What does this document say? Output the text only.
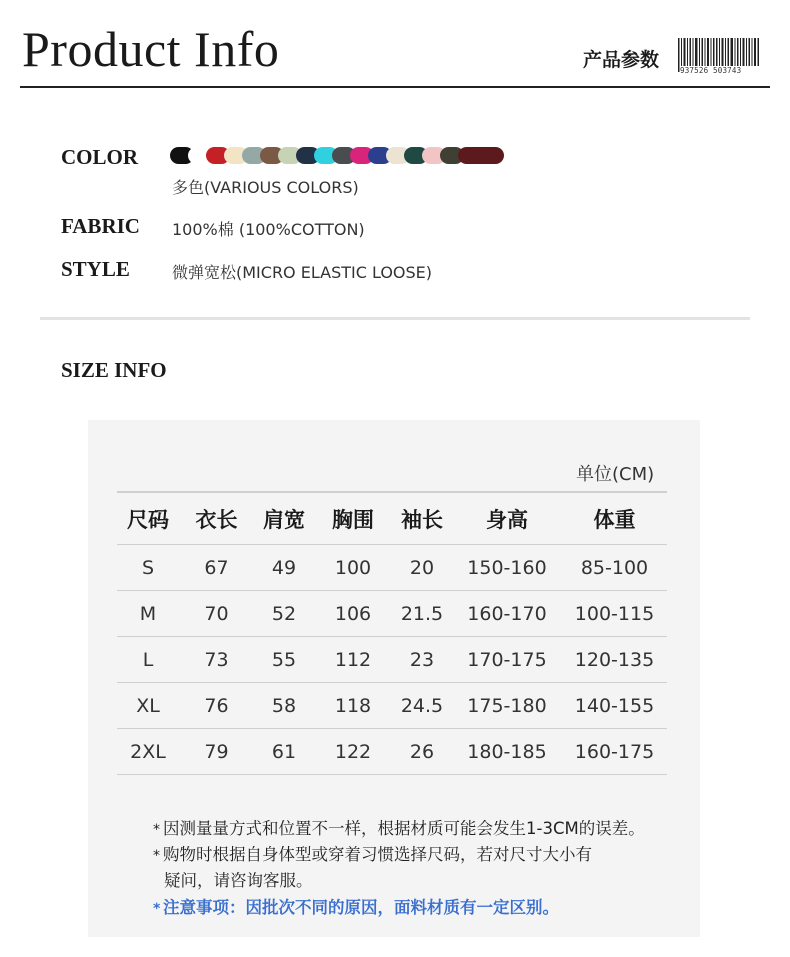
Product Info	产品参数	937526 503743
COLOR
多色(VARIOUS COLORS)
FABRIC 100%棉 (100%COTTON)
STYLE	微弹宽松(MICRO ELASTIC LOOSE)
SIZE INFO
单位(CM)
尺码	衣长	肩宽	胸围	袖长	身高	体重
S	67	49	100	20	150-160	85-100
M	70	52	106	21.5	160-170	100-115
L	73	55	112	23	170-175	120-135
XL	76	58	118	24.5	175-180	140-155
2XL	79	61	122	26	180-185	160-175
* 因测量量方式和位置不一样，根据材质可能会发生1-3CM的误差。
* 购物时根据自身体型或穿着习惯选择尺码，若对尺寸大小有
疑问，请咨询客服。
* 注意事项：因批次不同的原因，面料材质有一定区别。
